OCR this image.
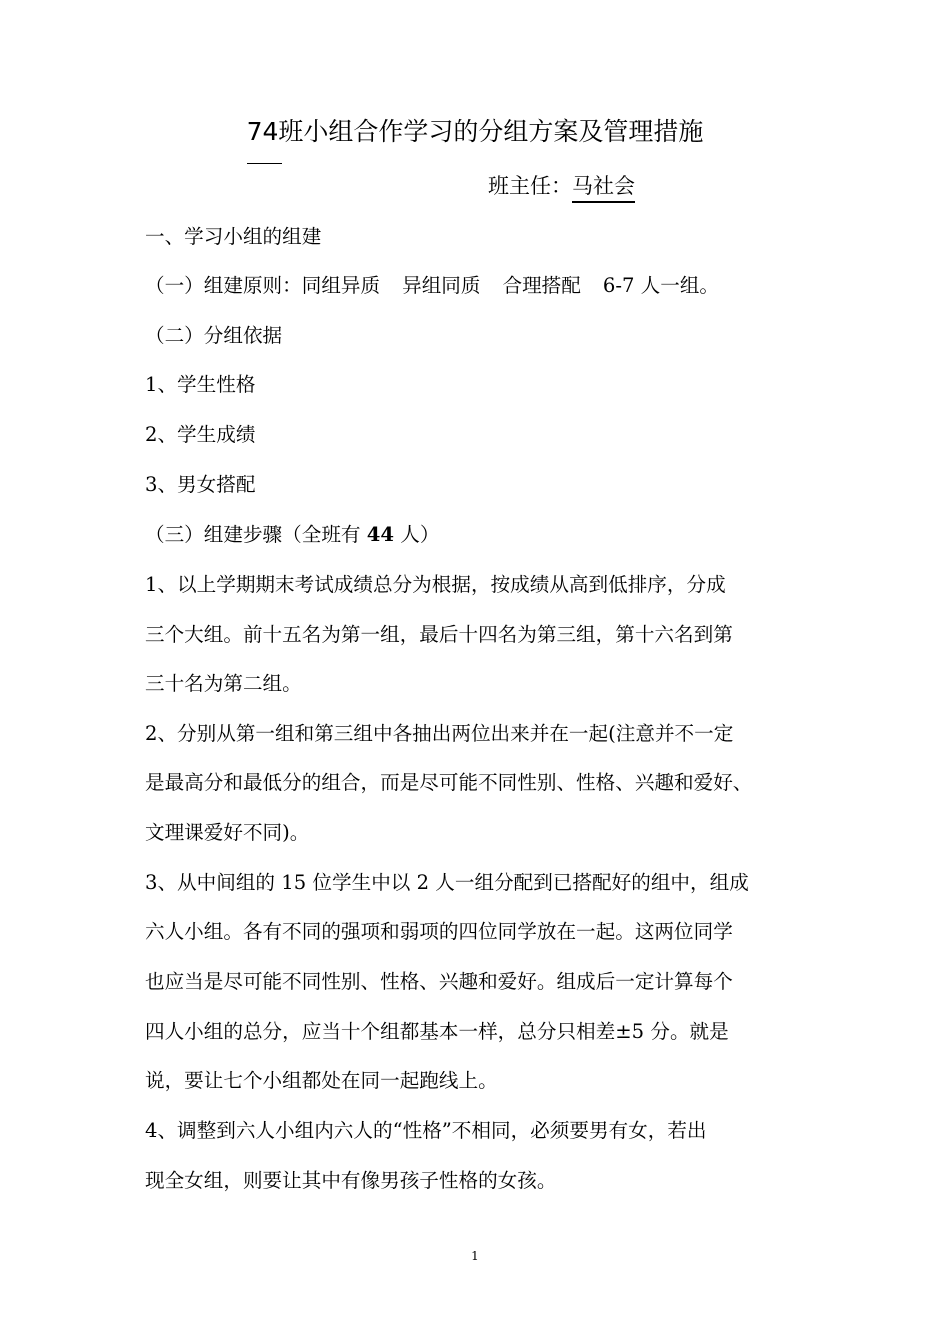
74班小组合作学习的分组方案及管理措施
班主任：马社会
一、学习小组的组建
（一）组建原则：同组异质 异组同质 合理搭配 6-7 人一组。
（二）分组依据
1、学生性格
2、学生成绩
3、男女搭配
（三）组建步骤（全班有 44 人）
1、以上学期期末考试成绩总分为根据，按成绩从高到低排序，分成
三个大组。前十五名为第一组，最后十四名为第三组，第十六名到第
三十名为第二组。
2、分别从第一组和第三组中各抽出两位出来并在一起(注意并不一定
是最高分和最低分的组合，而是尽可能不同性别、性格、兴趣和爱好、
文理课爱好不同)。
3、从中间组的 15 位学生中以 2 人一组分配到已搭配好的组中，组成
六人小组。各有不同的强项和弱项的四位同学放在一起。这两位同学
也应当是尽可能不同性别、性格、兴趣和爱好。组成后一定计算每个
四人小组的总分，应当十个组都基本一样，总分只相差±5 分。就是
说，要让七个小组都处在同一起跑线上。
4、调整到六人小组内六人的“性格”不相同，必须要男有女，若出
现全女组，则要让其中有像男孩子性格的女孩。
1
